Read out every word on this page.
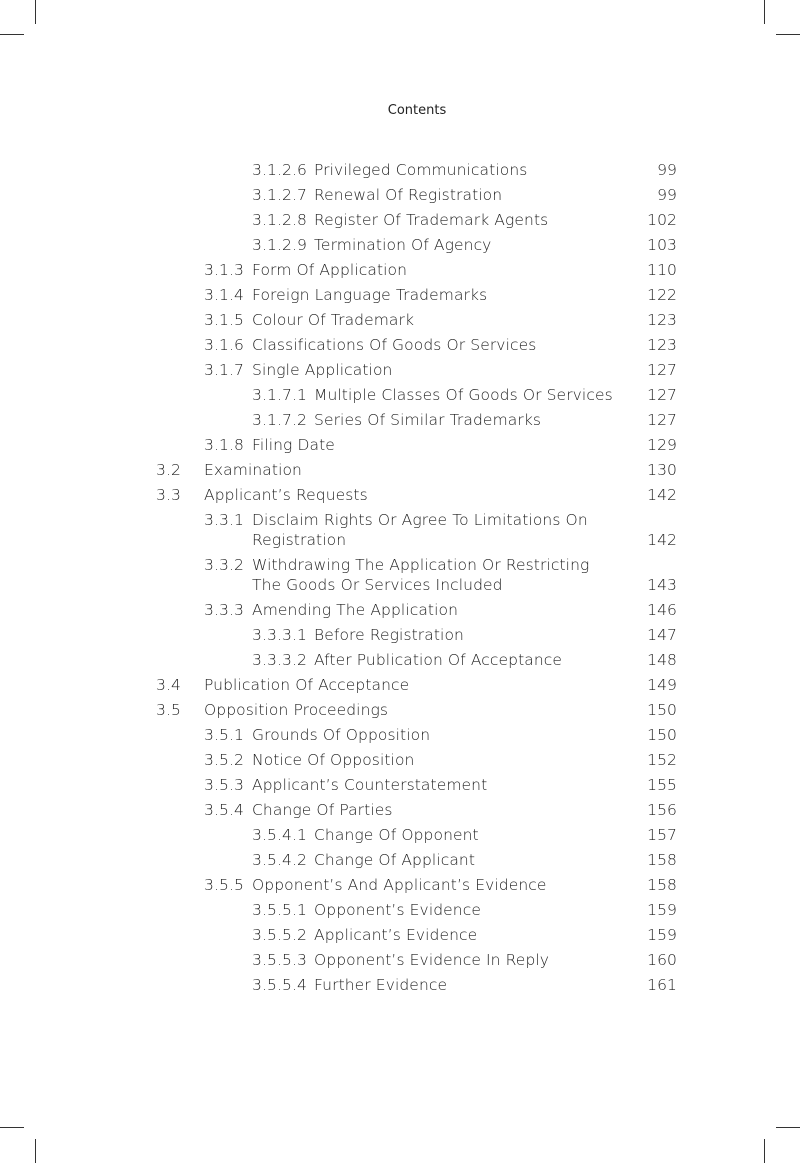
Contents
3.1.2.6 Privileged Communications	99
3.1.2.7 Renewal Of Registration	99
3.1.2.8 Register Of Trademark Agents	102
3.1.2.9 Termination Of Agency	103
3.1.3 Form Of Application	110
3.1.4 Foreign Language Trademarks	122
3.1.5 Colour Of Trademark	123
3.1.6 Classifications Of Goods Or Services	123
3.1.7 Single Application	127
3.1.7.1 Multiple Classes Of Goods Or Services	127
3.1.7.2 Series Of Similar Trademarks	127
3.1.8 Filing Date	129
3.2 Examination	130
3.3 Applicant’s Requests	142
3.3.1 Disclaim Rights Or Agree To Limitations On
Registration	142
3.3.2 Withdrawing The Application Or Restricting
The Goods Or Services Included	143
3.3.3 Amending The Application	146
3.3.3.1 Before Registration	147
3.3.3.2 After Publication Of Acceptance	148
3.4 Publication Of Acceptance	149
3.5 Opposition Proceedings	150
3.5.1 Grounds Of Opposition	150
3.5.2 Notice Of Opposition	152
3.5.3 Applicant’s Counterstatement	155
3.5.4 Change Of Parties	156
3.5.4.1 Change Of Opponent	157
3.5.4.2 Change Of Applicant	158
3.5.5 Opponent’s And Applicant’s Evidence	158
3.5.5.1 Opponent’s Evidence	159
3.5.5.2 Applicant’s Evidence	159
3.5.5.3 Opponent’s Evidence In Reply	160
3.5.5.4 Further Evidence	161
